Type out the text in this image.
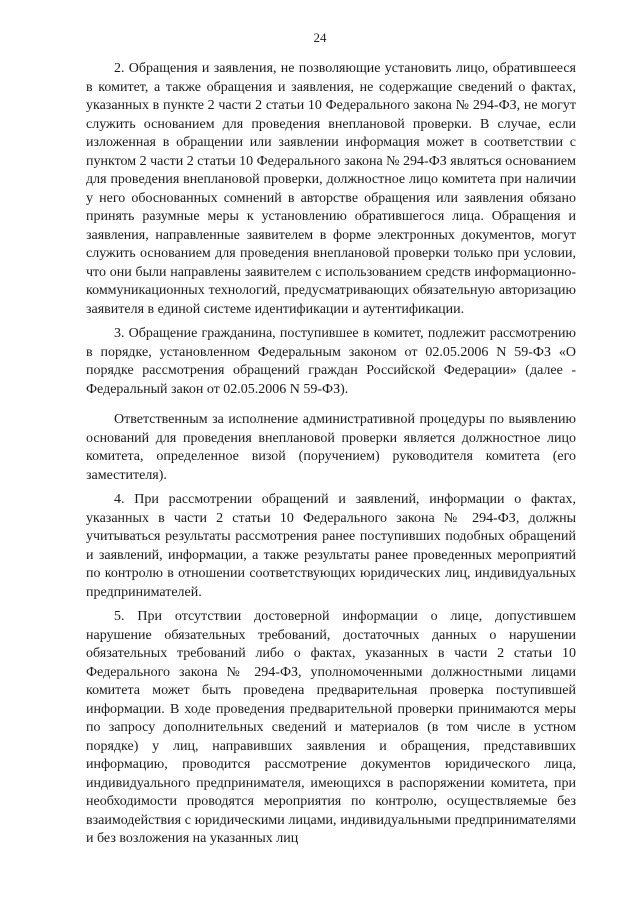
24

2. Обращения и заявления, не позволяющие установить лицо, обратившееся в комитет, а также обращения и заявления, не содержащие сведений о фактах, указанных в пункте 2 части 2 статьи 10 Федерального закона № 294-ФЗ, не могут служить основанием для проведения внеплановой проверки. В случае, если изложенная в обращении или заявлении информация может в соответствии с пунктом 2 части 2 статьи 10 Федерального закона № 294-ФЗ являться основанием для проведения внеплановой проверки, должностное лицо комитета при наличии у него обоснованных сомнений в авторстве обращения или заявления обязано принять разумные меры к установлению обратившегося лица. Обращения и заявления, направленные заявителем в форме электронных документов, могут служить основанием для проведения внеплановой проверки только при условии, что они были направлены заявителем с использованием средств информационно-коммуникационных технологий, предусматривающих обязательную авторизацию заявителя в единой системе идентификации и аутентификации.

3. Обращение гражданина, поступившее в комитет, подлежит рассмотрению в порядке, установленном Федеральным законом от 02.05.2006 N 59-ФЗ «О порядке рассмотрения обращений граждан Российской Федерации» (далее - Федеральный закон от 02.05.2006 N 59-ФЗ).

Ответственным за исполнение административной процедуры по выявлению оснований для проведения внеплановой проверки является должностное лицо комитета, определенное визой (поручением) руководителя комитета (его заместителя).

4. При рассмотрении обращений и заявлений, информации о фактах, указанных в части 2 статьи 10 Федерального закона № 294-ФЗ, должны учитываться результаты рассмотрения ранее поступивших подобных обращений и заявлений, информации, а также результаты ранее проведенных мероприятий по контролю в отношении соответствующих юридических лиц, индивидуальных предпринимателей.

5. При отсутствии достоверной информации о лице, допустившем нарушение обязательных требований, достаточных данных о нарушении обязательных требований либо о фактах, указанных в части 2 статьи 10 Федерального закона № 294-ФЗ, уполномоченными должностными лицами комитета может быть проведена предварительная проверка поступившей информации. В ходе проведения предварительной проверки принимаются меры по запросу дополнительных сведений и материалов (в том числе в устном порядке) у лиц, направивших заявления и обращения, представивших информацию, проводится рассмотрение документов юридического лица, индивидуального предпринимателя, имеющихся в распоряжении комитета, при необходимости проводятся мероприятия по контролю, осуществляемые без взаимодействия с юридическими лицами, индивидуальными предпринимателями и без возложения на указанных лиц
